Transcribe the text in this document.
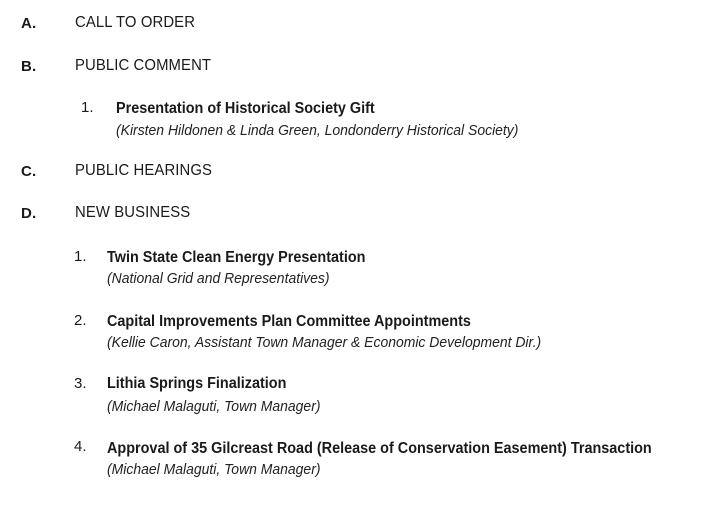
A. CALL TO ORDER
B. PUBLIC COMMENT
1. Presentation of Historical Society Gift
(Kirsten Hildonen & Linda Green, Londonderry Historical Society)
C. PUBLIC HEARINGS
D. NEW BUSINESS
1. Twin State Clean Energy Presentation
(National Grid and Representatives)
2. Capital Improvements Plan Committee Appointments
(Kellie Caron, Assistant Town Manager & Economic Development Dir.)
3. Lithia Springs Finalization
(Michael Malaguti, Town Manager)
4. Approval of 35 Gilcreast Road (Release of Conservation Easement) Transaction
(Michael Malaguti, Town Manager)
